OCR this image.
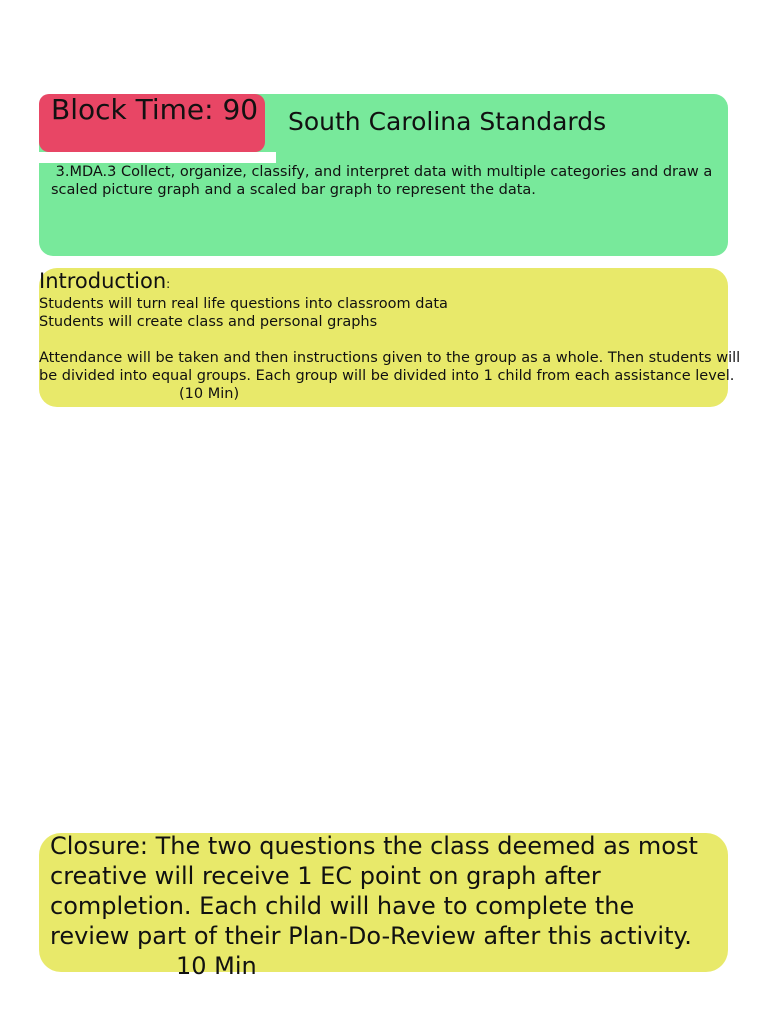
South Carolina Standards
3.MDA.3 Collect, organize, classify, and interpret data with multiple categories and draw a scaled picture graph and a scaled bar graph to represent the data.
Block Time: 90
Introduction:

Students will turn real life questions into classroom data

Students will create class and personal graphs

Attendance will be taken and then instructions given to the group as a whole. Then students will be divided into equal groups. Each group will be divided into 1 child from each assistance level.(10 Min)

Closure: The two questions the class deemed as most creative will receive 1 EC point on graph after completion. Each child will have to complete the review part of their Plan-Do-Review after this activity.10 Min
